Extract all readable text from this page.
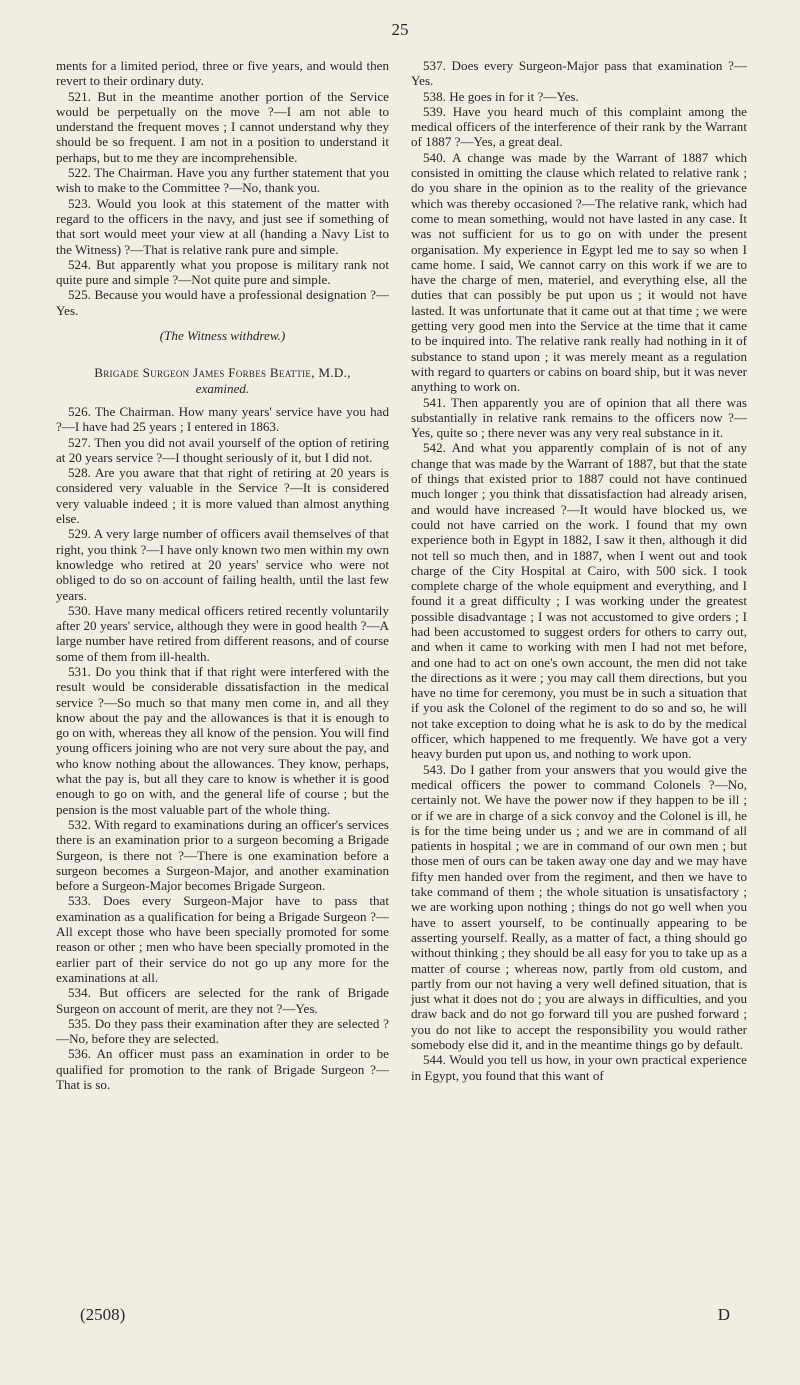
25

ments for a limited period, three or five years, and would then revert to their ordinary duty.

521. But in the meantime another portion of the Service would be perpetually on the move ?—I am not able to understand the frequent moves ; I cannot understand why they should be so frequent. I am not in a position to understand it perhaps, but to me they are incomprehensible.

522. The Chairman. Have you any further statement that you wish to make to the Committee ?—No, thank you.

523. Would you look at this statement of the matter with regard to the officers in the navy, and just see if something of that sort would meet your view at all (handing a Navy List to the Witness) ?—That is relative rank pure and simple.

524. But apparently what you propose is military rank not quite pure and simple ?—Not quite pure and simple.

525. Because you would have a professional designation ?—Yes.

(The Witness withdrew.)

Brigade Surgeon James Forbes Beattie, M.D.,
examined.

526. The Chairman. How many years' service have you had ?—I have had 25 years ; I entered in 1863.

527. Then you did not avail yourself of the option of retiring at 20 years service ?—I thought seriously of it, but I did not.

528. Are you aware that that right of retiring at 20 years is considered very valuable in the Service ?—It is considered very valuable indeed ; it is more valued than almost anything else.

529. A very large number of officers avail themselves of that right, you think ?—I have only known two men within my own knowledge who retired at 20 years' service who were not obliged to do so on account of failing health, until the last few years.

530. Have many medical officers retired recently voluntarily after 20 years' service, although they were in good health ?—A large number have retired from different reasons, and of course some of them from ill-health.

531. Do you think that if that right were interfered with the result would be considerable dissatisfaction in the medical service ?—So much so that many men come in, and all they know about the pay and the allowances is that it is enough to go on with, whereas they all know of the pension. You will find young officers joining who are not very sure about the pay, and who know nothing about the allowances. They know, perhaps, what the pay is, but all they care to know is whether it is good enough to go on with, and the general life of course ; but the pension is the most valuable part of the whole thing.

532. With regard to examinations during an officer's services there is an examination prior to a surgeon becoming a Brigade Surgeon, is there not ?—There is one examination before a surgeon becomes a Surgeon-Major, and another examination before a Surgeon-Major becomes Brigade Surgeon.

533. Does every Surgeon-Major have to pass that examination as a qualification for being a Brigade Surgeon ?—All except those who have been specially promoted for some reason or other ; men who have been specially promoted in the earlier part of their service do not go up any more for the examinations at all.

534. But officers are selected for the rank of Brigade Surgeon on account of merit, are they not ?—Yes.

535. Do they pass their examination after they are selected ?—No, before they are selected.

536. An officer must pass an examination in order to be qualified for promotion to the rank of Brigade Surgeon ?—That is so.

537. Does every Surgeon-Major pass that examination ?—Yes.

538. He goes in for it ?—Yes.

539. Have you heard much of this complaint among the medical officers of the interference of their rank by the Warrant of 1887 ?—Yes, a great deal.

540. A change was made by the Warrant of 1887 which consisted in omitting the clause which related to relative rank ; do you share in the opinion as to the reality of the grievance which was thereby occasioned ?—The relative rank, which had come to mean something, would not have lasted in any case. It was not sufficient for us to go on with under the present organisation. My experience in Egypt led me to say so when I came home. I said, We cannot carry on this work if we are to have the charge of men, materiel, and everything else, all the duties that can possibly be put upon us ; it would not have lasted. It was unfortunate that it came out at that time ; we were getting very good men into the Service at the time that it came to be inquired into. The relative rank really had nothing in it of substance to stand upon ; it was merely meant as a regulation with regard to quarters or cabins on board ship, but it was never anything to work on.

541. Then apparently you are of opinion that all there was substantially in relative rank remains to the officers now ?—Yes, quite so ; there never was any very real substance in it.

542. And what you apparently complain of is not of any change that was made by the Warrant of 1887, but that the state of things that existed prior to 1887 could not have continued much longer ; you think that dissatisfaction had already arisen, and would have increased ?—It would have blocked us, we could not have carried on the work. I found that my own experience both in Egypt in 1882, I saw it then, although it did not tell so much then, and in 1887, when I went out and took charge of the City Hospital at Cairo, with 500 sick. I took complete charge of the whole equipment and everything, and I found it a great difficulty ; I was working under the greatest possible disadvantage ; I was not accustomed to give orders ; I had been accustomed to suggest orders for others to carry out, and when it came to working with men I had not met before, and one had to act on one's own account, the men did not take the directions as it were ; you may call them directions, but you have no time for ceremony, you must be in such a situation that if you ask the Colonel of the regiment to do so and so, he will not take exception to doing what he is ask to do by the medical officer, which happened to me frequently. We have got a very heavy burden put upon us, and nothing to work upon.

543. Do I gather from your answers that you would give the medical officers the power to command Colonels ?—No, certainly not. We have the power now if they happen to be ill ; or if we are in charge of a sick convoy and the Colonel is ill, he is for the time being under us ; and we are in command of all patients in hospital ; we are in command of our own men ; but those men of ours can be taken away one day and we may have fifty men handed over from the regiment, and then we have to take command of them ; the whole situation is unsatisfactory ; we are working upon nothing ; things do not go well when you have to assert yourself, to be continually appearing to be asserting yourself. Really, as a matter of fact, a thing should go without thinking ; they should be all easy for you to take up as a matter of course ; whereas now, partly from old custom, and partly from our not having a very well defined situation, that is just what it does not do ; you are always in difficulties, and you draw back and do not go forward till you are pushed forward ; you do not like to accept the responsibility you would rather somebody else did it, and in the meantime things go by default.

544. Would you tell us how, in your own practical experience in Egypt, you found that this want of

(2508)	D
